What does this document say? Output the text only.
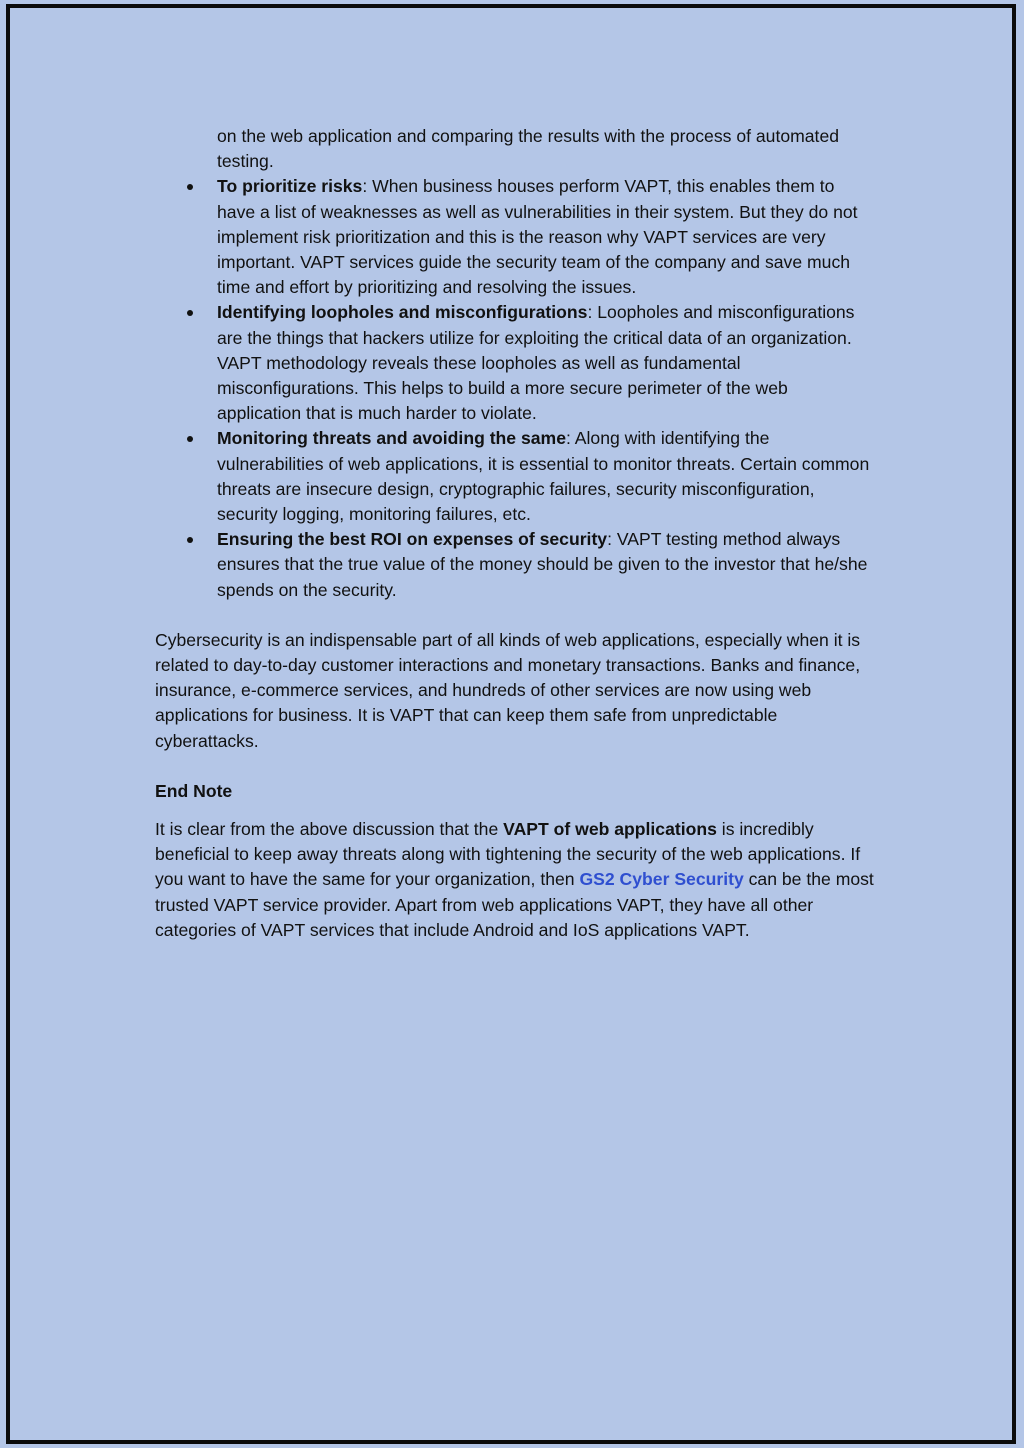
on the web application and comparing the results with the process of automated testing.

To prioritize risks: When business houses perform VAPT, this enables them to have a list of weaknesses as well as vulnerabilities in their system. But they do not implement risk prioritization and this is the reason why VAPT services are very important. VAPT services guide the security team of the company and save much time and effort by prioritizing and resolving the issues.
Identifying loopholes and misconfigurations: Loopholes and misconfigurations are the things that hackers utilize for exploiting the critical data of an organization. VAPT methodology reveals these loopholes as well as fundamental misconfigurations. This helps to build a more secure perimeter of the web application that is much harder to violate.
Monitoring threats and avoiding the same: Along with identifying the vulnerabilities of web applications, it is essential to monitor threats. Certain common threats are insecure design, cryptographic failures, security misconfiguration, security logging, monitoring failures, etc.
Ensuring the best ROI on expenses of security: VAPT testing method always ensures that the true value of the money should be given to the investor that he/she spends on the security.

Cybersecurity is an indispensable part of all kinds of web applications, especially when it is related to day-to-day customer interactions and monetary transactions. Banks and finance, insurance, e-commerce services, and hundreds of other services are now using web applications for business. It is VAPT that can keep them safe from unpredictable cyberattacks.

End Note

It is clear from the above discussion that the VAPT of web applications is incredibly beneficial to keep away threats along with tightening the security of the web applications. If you want to have the same for your organization, then GS2 Cyber Security can be the most trusted VAPT service provider. Apart from web applications VAPT, they have all other categories of VAPT services that include Android and IoS applications VAPT.
